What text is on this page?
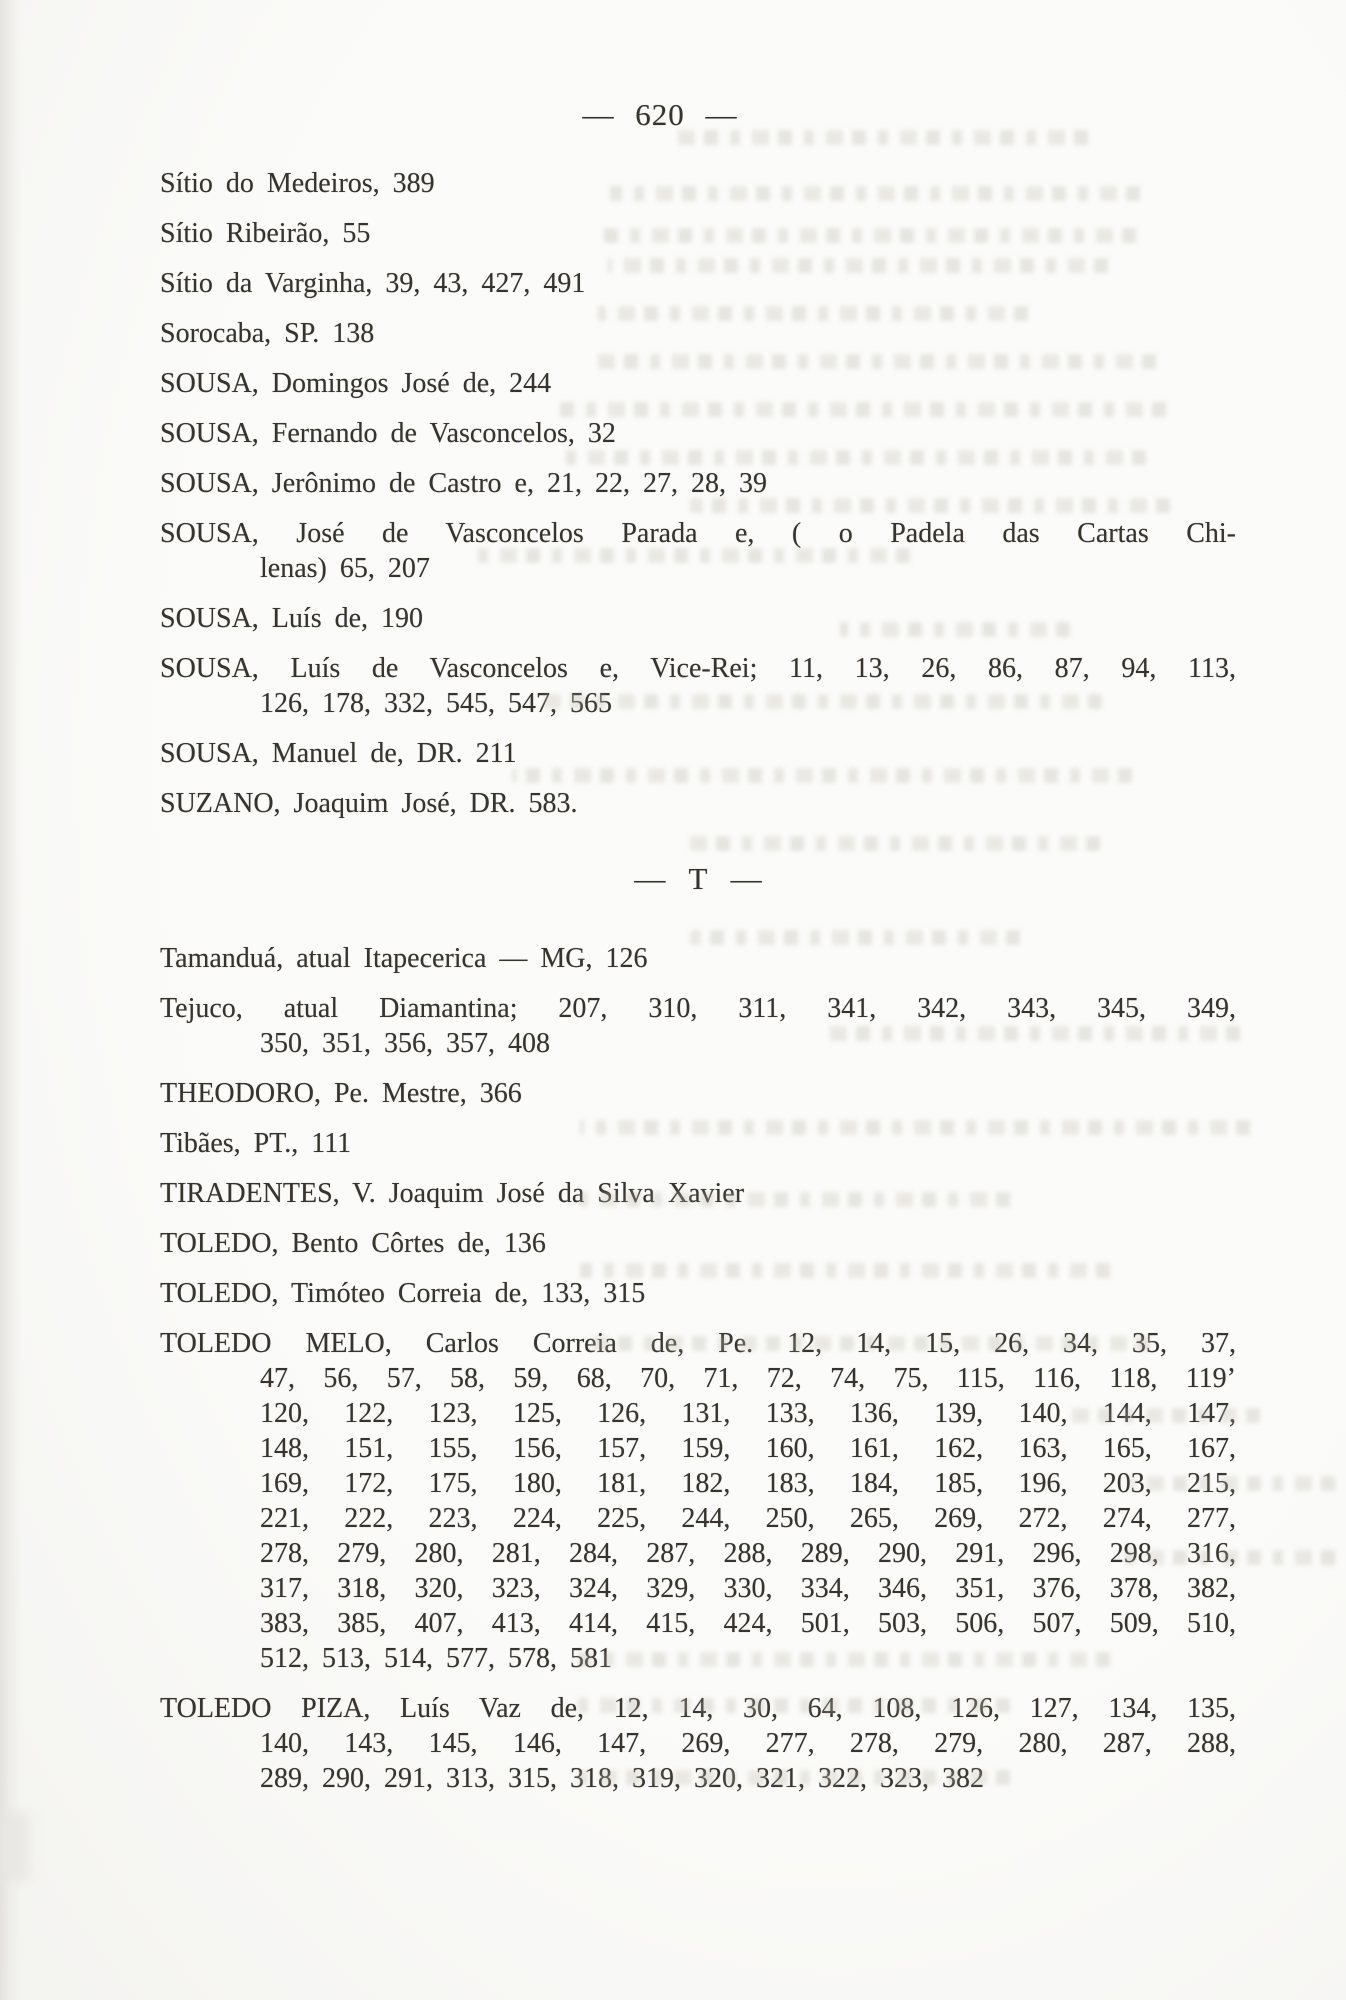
— 620 —
Sítio do Medeiros, 389
Sítio Ribeirão, 55
Sítio da Varginha, 39, 43, 427, 491
Sorocaba, SP. 138
SOUSA, Domingos José de, 244
SOUSA, Fernando de Vasconcelos, 32
SOUSA, Jerônimo de Castro e, 21, 22, 27, 28, 39
SOUSA, José de Vasconcelos Parada e, ( o Padela das Cartas Chi-
lenas) 65, 207
SOUSA, Luís de, 190
SOUSA, Luís de Vasconcelos e, Vice-Rei; 11, 13, 26, 86, 87, 94, 113,
126, 178, 332, 545, 547, 565
SOUSA, Manuel de, DR. 211
SUZANO, Joaquim José, DR. 583.
— T —
Tamanduá, atual Itapecerica — MG, 126
Tejuco, atual Diamantina; 207, 310, 311, 341, 342, 343, 345, 349,
350, 351, 356, 357, 408
THEODORO, Pe. Mestre, 366
Tibães, PT., 111
TIRADENTES, V. Joaquim José da Silva Xavier
TOLEDO, Bento Côrtes de, 136
TOLEDO, Timóteo Correia de, 133, 315
TOLEDO MELO, Carlos Correia de, Pe. 12, 14, 15, 26, 34, 35, 37,
47, 56, 57, 58, 59, 68, 70, 71, 72, 74, 75, 115, 116, 118, 119’
120, 122, 123, 125, 126, 131, 133, 136, 139, 140, 144, 147,
148, 151, 155, 156, 157, 159, 160, 161, 162, 163, 165, 167,
169, 172, 175, 180, 181, 182, 183, 184, 185, 196, 203, 215,
221, 222, 223, 224, 225, 244, 250, 265, 269, 272, 274, 277,
278, 279, 280, 281, 284, 287, 288, 289, 290, 291, 296, 298, 316,
317, 318, 320, 323, 324, 329, 330, 334, 346, 351, 376, 378, 382,
383, 385, 407, 413, 414, 415, 424, 501, 503, 506, 507, 509, 510,
512, 513, 514, 577, 578, 581
TOLEDO PIZA, Luís Vaz de, 12, 14, 30, 64, 108, 126, 127, 134, 135,
140, 143, 145, 146, 147, 269, 277, 278, 279, 280, 287, 288,
289, 290, 291, 313, 315, 318, 319, 320, 321, 322, 323, 382
